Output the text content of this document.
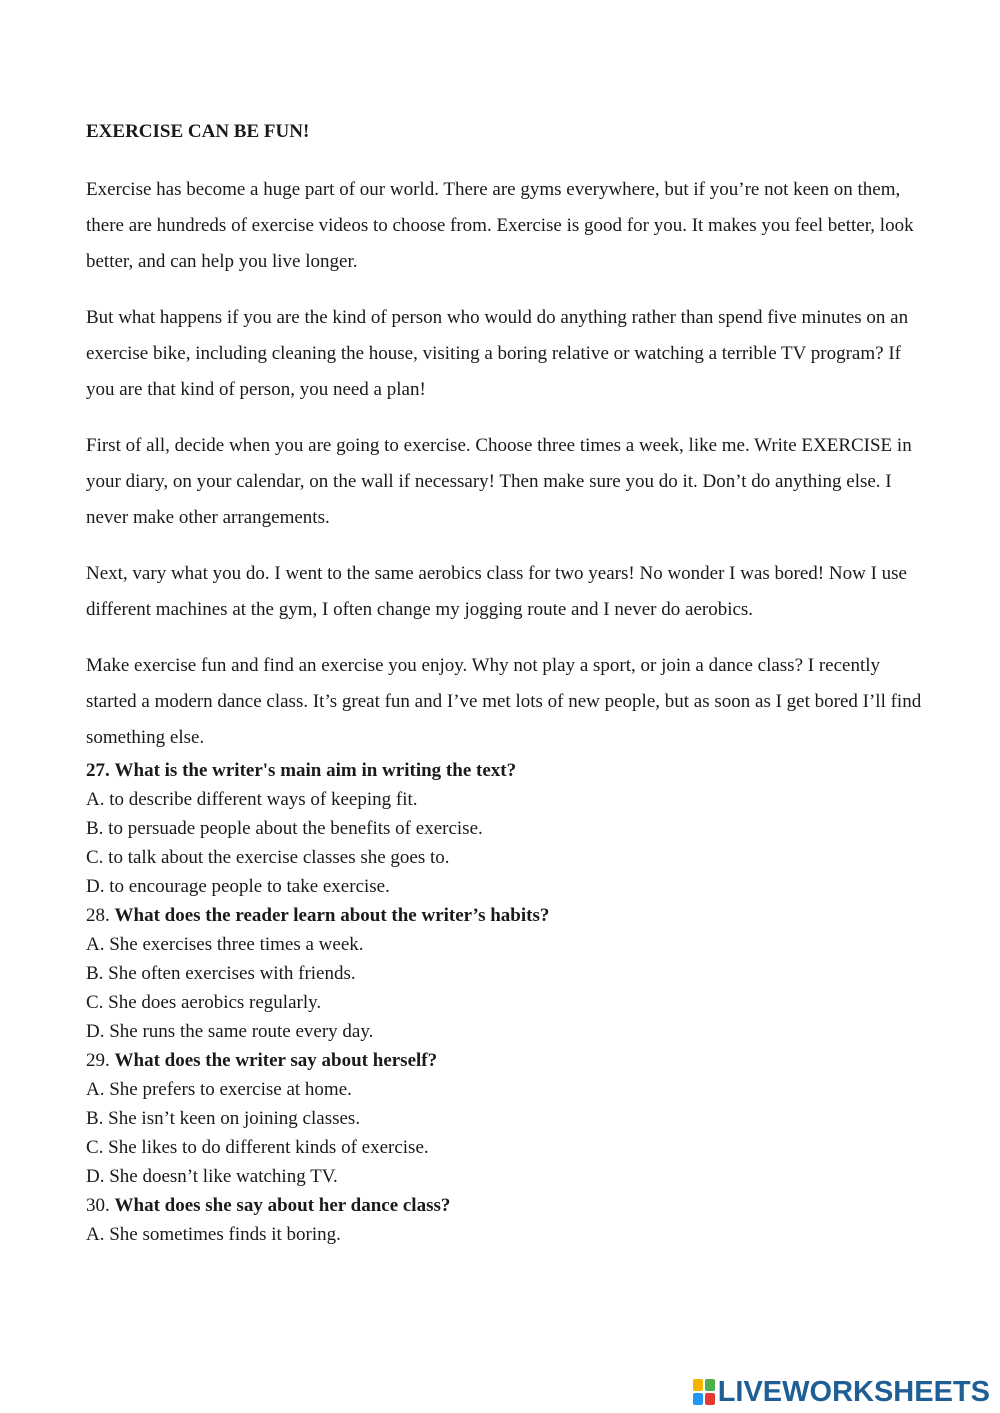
EXERCISE CAN BE FUN!

Exercise has become a huge part of our world. There are gyms everywhere, but if you’re not keen on them, there are hundreds of exercise videos to choose from. Exercise is good for you. It makes you feel better, look better, and can help you live longer.

But what happens if you are the kind of person who would do anything rather than spend five minutes on an exercise bike, including cleaning the house, visiting a boring relative or watching a terrible TV program? If you are that kind of person, you need a plan!

First of all, decide when you are going to exercise. Choose three times a week, like me. Write EXERCISE in your diary, on your calendar, on the wall if necessary! Then make sure you do it. Don’t do anything else. I never make other arrangements.

Next, vary what you do. I went to the same aerobics class for two years! No wonder I was bored! Now I use different machines at the gym, I often change my jogging route and I never do aerobics.

Make exercise fun and find an exercise you enjoy. Why not play a sport, or join a dance class? I recently started a modern dance class. It’s great fun and I’ve met lots of new people, but as soon as I get bored I’ll find something else.

27. What is the writer's main aim in writing the text?
A. to describe different ways of keeping fit.
B. to persuade people about the benefits of exercise.
C. to talk about the exercise classes she goes to.
D. to encourage people to take exercise.
28. What does the reader learn about the writer’s habits?
A. She exercises three times a week.
B. She often exercises with friends.
C. She does aerobics regularly.
D. She runs the same route every day.
29. What does the writer say about herself?
A. She prefers to exercise at home.
B. She isn’t keen on joining classes.
C. She likes to do different kinds of exercise.
D. She doesn’t like watching TV.
30. What does she say about her dance class?
A. She sometimes finds it boring.
LIVEWORKSHEETS
